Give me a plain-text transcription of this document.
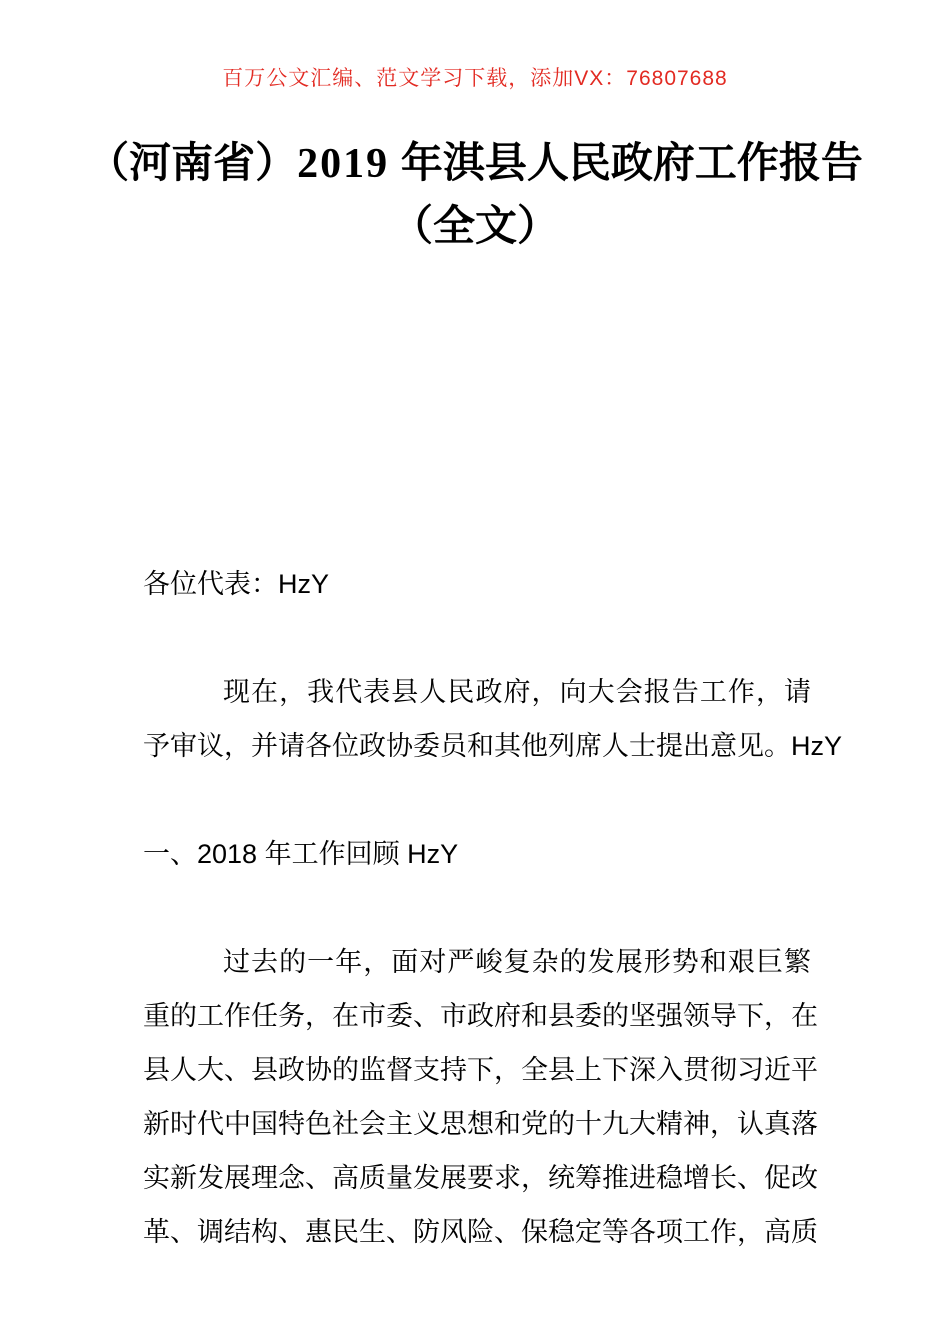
百万公文汇编、范文学习下载，添加VX：76807688
（河南省）2019 年淇县人民政府工作报告
（全文）

各位代表：HzY

现在，我代表县人民政府，向大会报告工作，请
予审议，并请各位政协委员和其他列席人士提出意见。HzY

一、2018 年工作回顾 HzY

过去的一年，面对严峻复杂的发展形势和艰巨繁
重的工作任务，在市委、市政府和县委的坚强领导下，在
县人大、县政协的监督支持下，全县上下深入贯彻习近平
新时代中国特色社会主义思想和党的十九大精神，认真落
实新发展理念、高质量发展要求，统筹推进稳增长、促改
革、调结构、惠民生、防风险、保稳定等各项工作，高质
